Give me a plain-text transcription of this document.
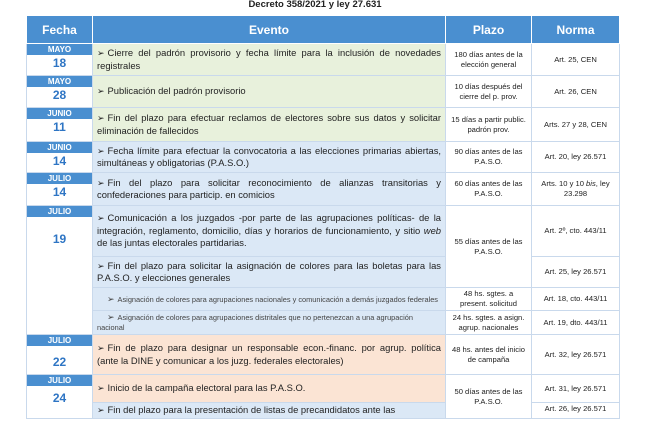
Decreto 358/2021 y ley 27.631
Fecha	Evento	Plazo	Norma

MAYO
18	➢ Cierre del padrón provisorio y fecha límite para la inclusión de novedades registrales	180 días antes de la elección general	Art. 25, CEN

MAYO
28	➢ Publicación del padrón provisorio	10 días después del cierre del p. prov.	Art. 26, CEN

JUNIO
11	➢ Fin del plazo para efectuar reclamos de electores sobre sus datos y solicitar eliminación de fallecidos	15 días a partir public. padrón prov.	Arts. 27 y 28, CEN

JUNIO
14	➢ Fecha límite para efectuar la convocatoria a las elecciones primarias abiertas, simultáneas y obligatorias (P.A.S.O.)	90 días antes de las P.A.S.O.	Art. 20, ley 26.571

JULIO
14	➢ Fin del plazo para solicitar reconocimiento de alianzas transitorias y confederaciones para particip. en comicios	60 días antes de las P.A.S.O.	Arts. 10 y 10 bis, ley 23.298

JULIO
19	➢ Comunicación a los juzgados -por parte de las agrupaciones políticas- de la integración, reglamento, domicilio, días y horarios de funcionamiento, y sitio web de las juntas electorales partidarias.	55 días antes de las P.A.S.O.	Art. 2º, cto. 443/11
	➢ Fin del plazo para solicitar la asignación de colores para las boletas para las P.A.S.O. y elecciones generales		Art. 25, ley 26.571
	➢ Asignación de colores para agrupaciones nacionales y comunicación a demás juzgados federales	48 hs. sgtes. a present. solicitud	Art. 18, cto. 443/11
	➢ Asignación de colores para agrupaciones distritales que no pertenezcan a una agrupación nacional	24 hs. sgtes. a asign. agrup. nacionales	Art. 19, dto. 443/11

JULIO
22	➢ Fin de plazo para designar un responsable econ.-financ. por agrup. política (ante la DINE y comunicar a los juzg. federales electorales)	48 hs. antes del inicio de campaña	Art. 32, ley 26.571

JULIO
24	➢ Inicio de la campaña electoral para las P.A.S.O.	50 días antes de las P.A.S.O.	Art. 31, ley 26.571
	➢ Fin del plazo para la presentación de listas de precandidatos ante las		Art. 26, ley 26.571
